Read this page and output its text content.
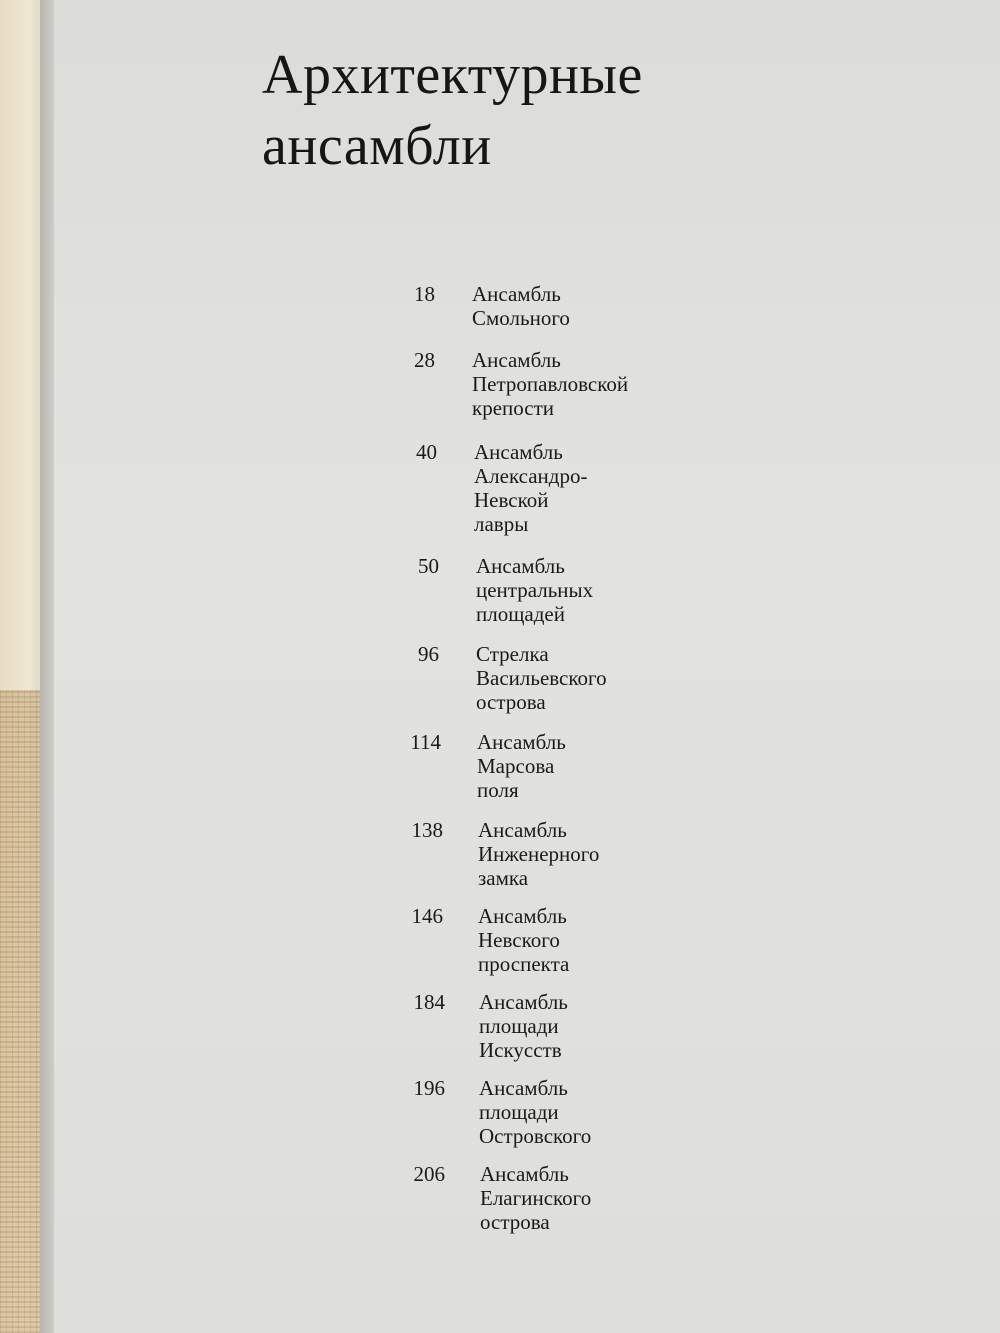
Архитектурные
ансамбли
18 Ансамбль
Смольного
28 Ансамбль
Петропавловской
крепости
40 Ансамбль
Александро-
Невской
лавры
50 Ансамбль
центральных
площадей
96 Стрелка
Васильевского
острова
114 Ансамбль
Марсова
поля
138 Ансамбль
Инженерного
замка
146 Ансамбль
Невского
проспекта
184 Ансамбль
площади
Искусств
196 Ансамбль
площади
Островского
206 Ансамбль
Елагинского
острова
